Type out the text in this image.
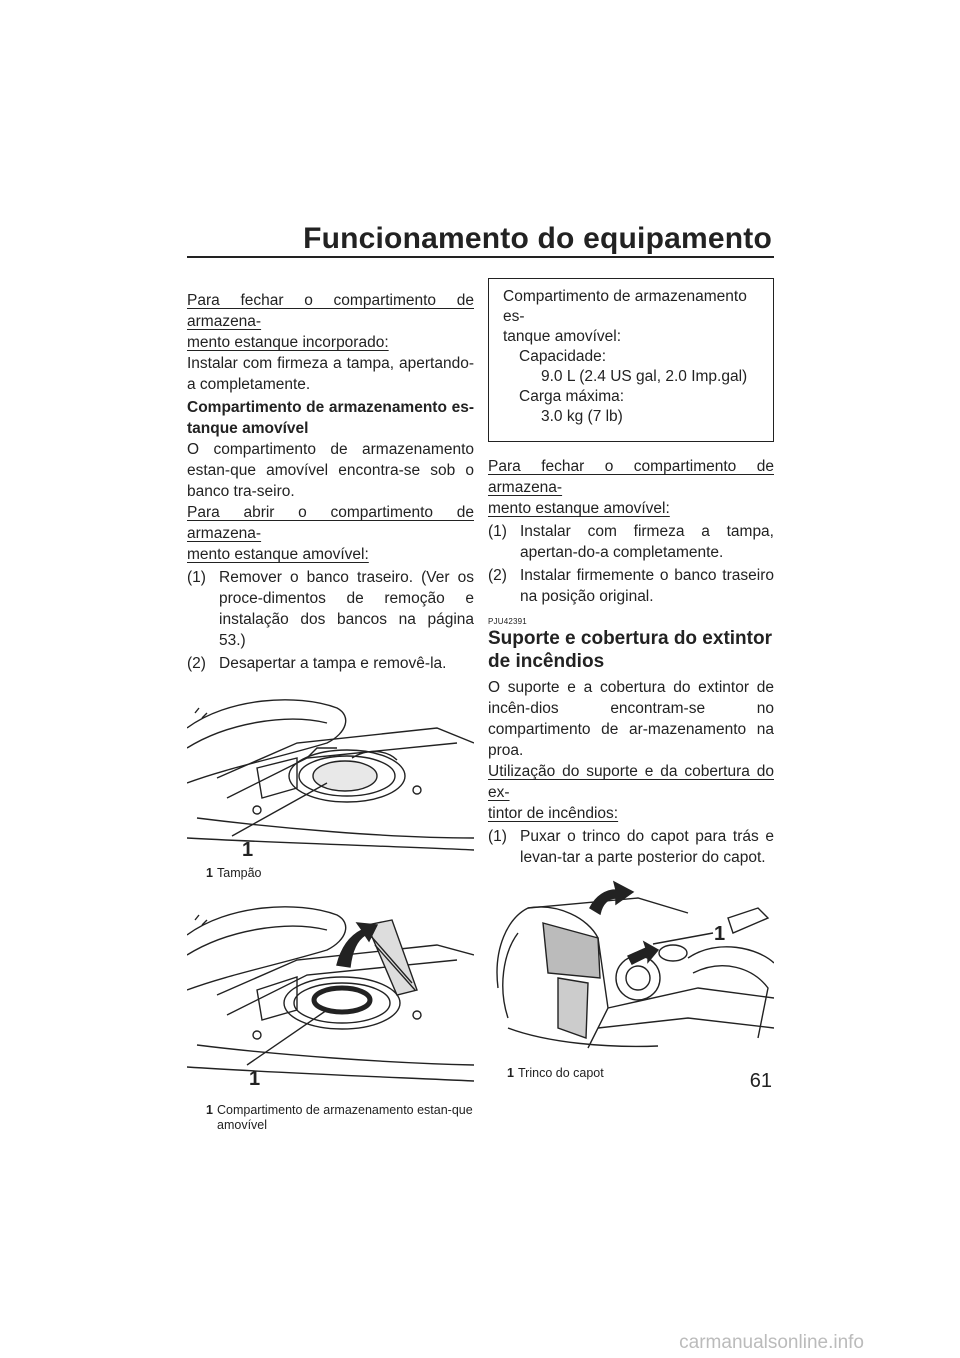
Funcionamento do equipamento

Para fechar o compartimento de armazena-
mento estanque incorporado:

Instalar com firmeza a tampa, apertando-a completamente.

Compartimento de armazenamento es-tanque amovível

O compartimento de armazenamento estan-que amovível encontra-se sob o banco tra-seiro.

Para abrir o compartimento de armazena-
mento estanque amovível:

(1) Remover o banco traseiro. (Ver os proce-dimentos de remoção e instalação dos bancos na página 53.)
(2) Desapertar a tampa e removê-la.
1
1 Tampão
1
1 Compartimento de armazenamento estan-que amovível
Compartimento de armazenamento es-
tanque amovível:
Capacidade:
9.0 L (2.4 US gal, 2.0 Imp.gal)
Carga máxima:
3.0 kg (7 lb)

Para fechar o compartimento de armazena-
mento estanque amovível:

(1) Instalar com firmeza a tampa, apertan-do-a completamente.
(2) Instalar firmemente o banco traseiro na posição original.
PJU42391
Suporte e cobertura do extintor de incêndios

O suporte e a cobertura do extintor de incên-dios encontram-se no compartimento de ar-mazenamento na proa.

Utilização do suporte e da cobertura do ex-
tintor de incêndios:

(1) Puxar o trinco do capot para trás e levan-tar a parte posterior do capot.
1
1 Trinco do capot	61
carmanualsonline.info
